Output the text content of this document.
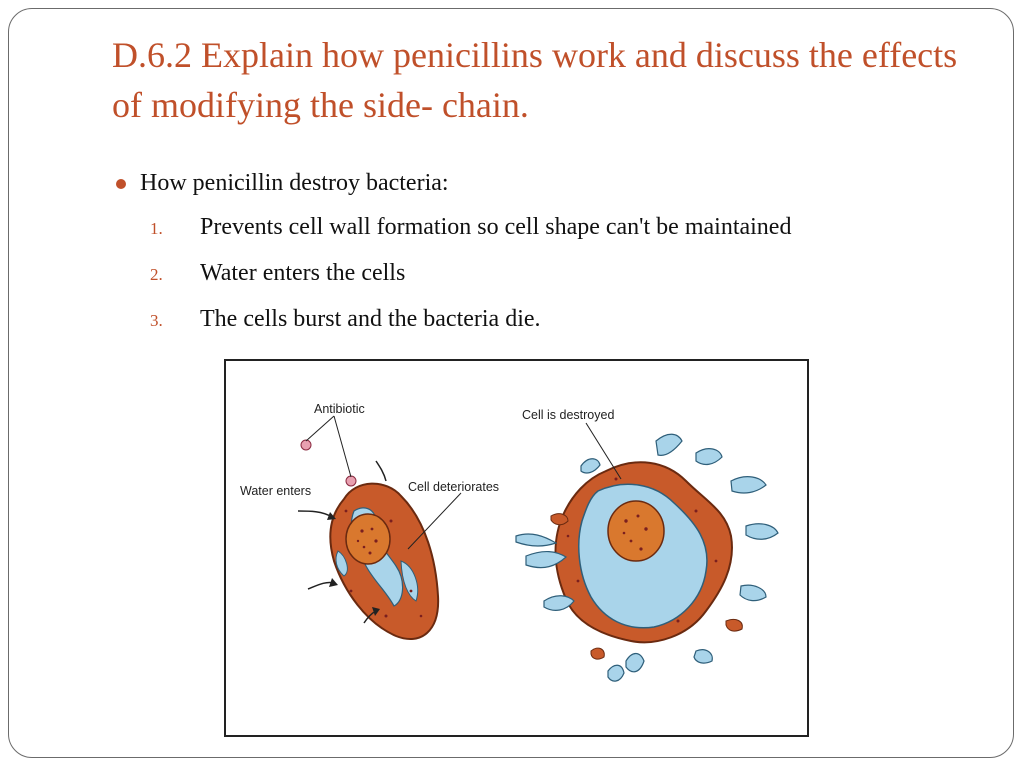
D.6.2 Explain how penicillins work and discuss the effects of modifying the side- chain.
How penicillin destroy bacteria:
1.	Prevents cell wall formation so cell shape can't be maintained
2.	Water enters the cells
3.	The cells burst and the bacteria die.
Antibiotic
Water enters	Cell deteriorates
Cell is destroyed
